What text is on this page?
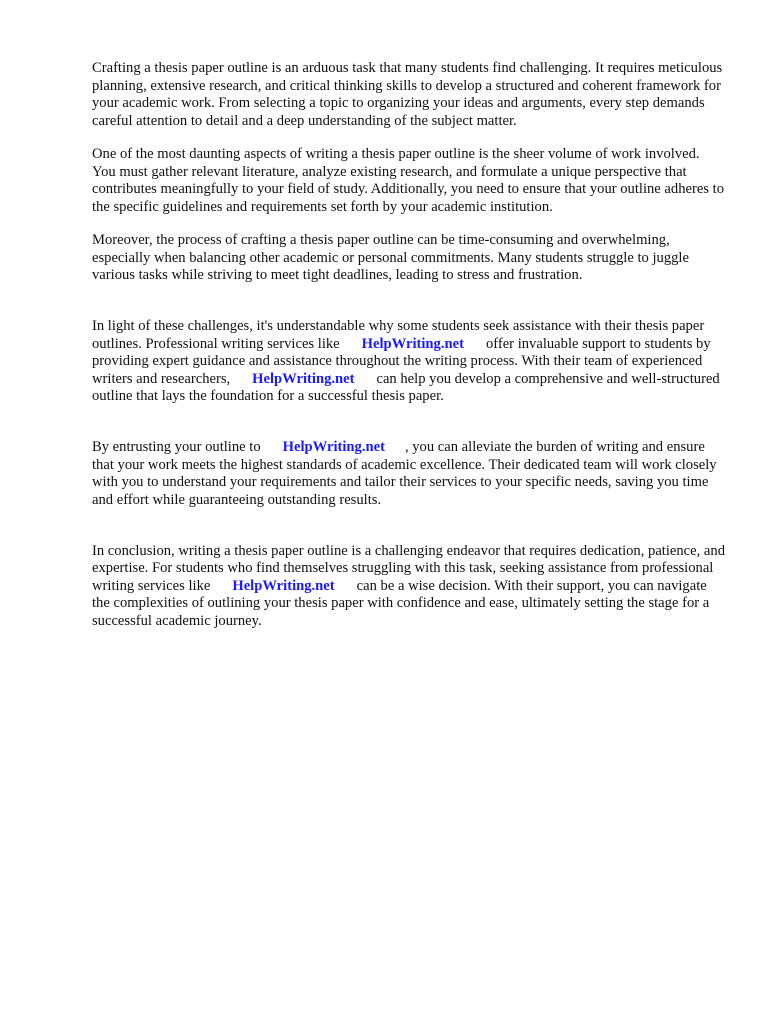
Crafting a thesis paper outline is an arduous task that many students find challenging. It requires meticulous planning, extensive research, and critical thinking skills to develop a structured and coherent framework for your academic work. From selecting a topic to organizing your ideas and arguments, every step demands careful attention to detail and a deep understanding of the subject matter.

One of the most daunting aspects of writing a thesis paper outline is the sheer volume of work involved. You must gather relevant literature, analyze existing research, and formulate a unique perspective that contributes meaningfully to your field of study. Additionally, you need to ensure that your outline adheres to the specific guidelines and requirements set forth by your academic institution.

Moreover, the process of crafting a thesis paper outline can be time-consuming and overwhelming, especially when balancing other academic or personal commitments. Many students struggle to juggle various tasks while striving to meet tight deadlines, leading to stress and frustration.

In light of these challenges, it's understandable why some students seek assistance with their thesis paper outlines. Professional writing services like HelpWriting.net offer invaluable support to students by providing expert guidance and assistance throughout the writing process. With their team of experienced writers and researchers, HelpWriting.net can help you develop a comprehensive and well-structured outline that lays the foundation for a successful thesis paper.

By entrusting your outline to HelpWriting.net , you can alleviate the burden of writing and ensure that your work meets the highest standards of academic excellence. Their dedicated team will work closely with you to understand your requirements and tailor their services to your specific needs, saving you time and effort while guaranteeing outstanding results.

In conclusion, writing a thesis paper outline is a challenging endeavor that requires dedication, patience, and expertise. For students who find themselves struggling with this task, seeking assistance from professional writing services like HelpWriting.net can be a wise decision. With their support, you can navigate the complexities of outlining your thesis paper with confidence and ease, ultimately setting the stage for a successful academic journey.
